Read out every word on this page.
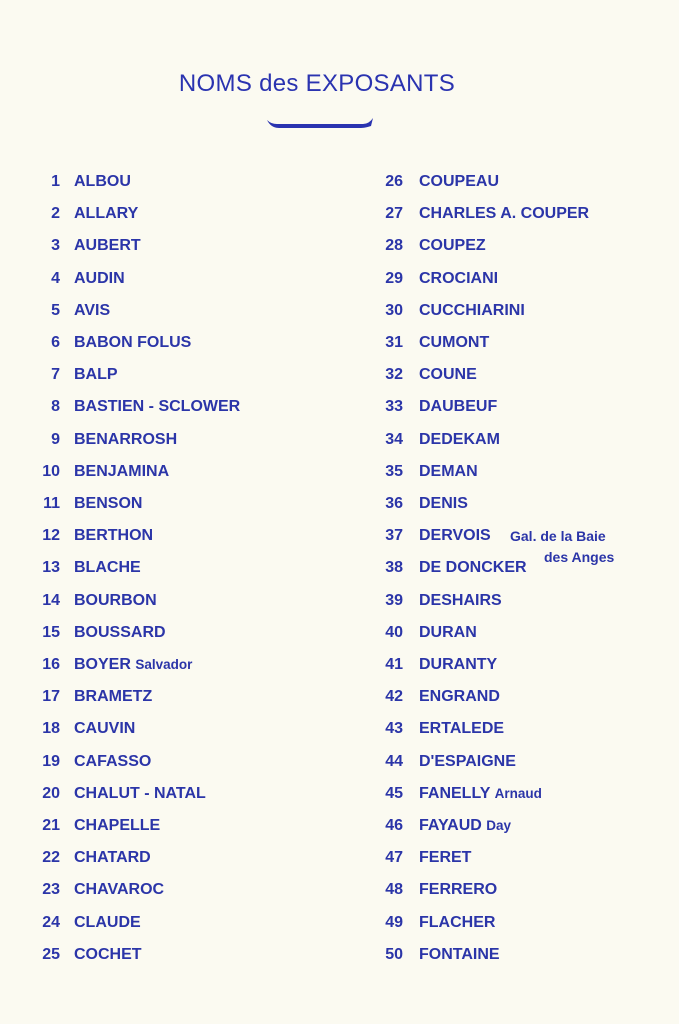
NOMS des EXPOSANTS
1 ALBOU
2 ALLARY
3 AUBERT
4 AUDIN
5 AVIS
6 BABON FOLUS
7 BALP
8 BASTIEN - SCLOWER
9 BENARROSH
10 BENJAMINA
11 BENSON
12 BERTHON
13 BLACHE
14 BOURBON
15 BOUSSARD
16 BOYER Salvador
17 BRAMETZ
18 CAUVIN
19 CAFASSO
20 CHALUT - NATAL
21 CHAPELLE
22 CHATARD
23 CHAVAROC
24 CLAUDE
25 COCHET
26 COUPEAU
27 CHARLES A. COUPER
28 COUPEZ
29 CROCIANI
30 CUCCHIARINI
31 CUMONT
32 COUNE
33 DAUBEUF
34 DEDEKAM
35 DEMAN
36 DENIS
37 DERVOIS
38 DE DONCKER
39 DESHAIRS
40 DURAN
41 DURANTY
42 ENGRAND
43 ERTALEDE
44 D'ESPAIGNE
45 FANELLY Arnaud
46 FAYAUD Day
47 FERET
48 FERRERO
49 FLACHER
50 FONTAINE
Gal. de la Baie
des Anges
